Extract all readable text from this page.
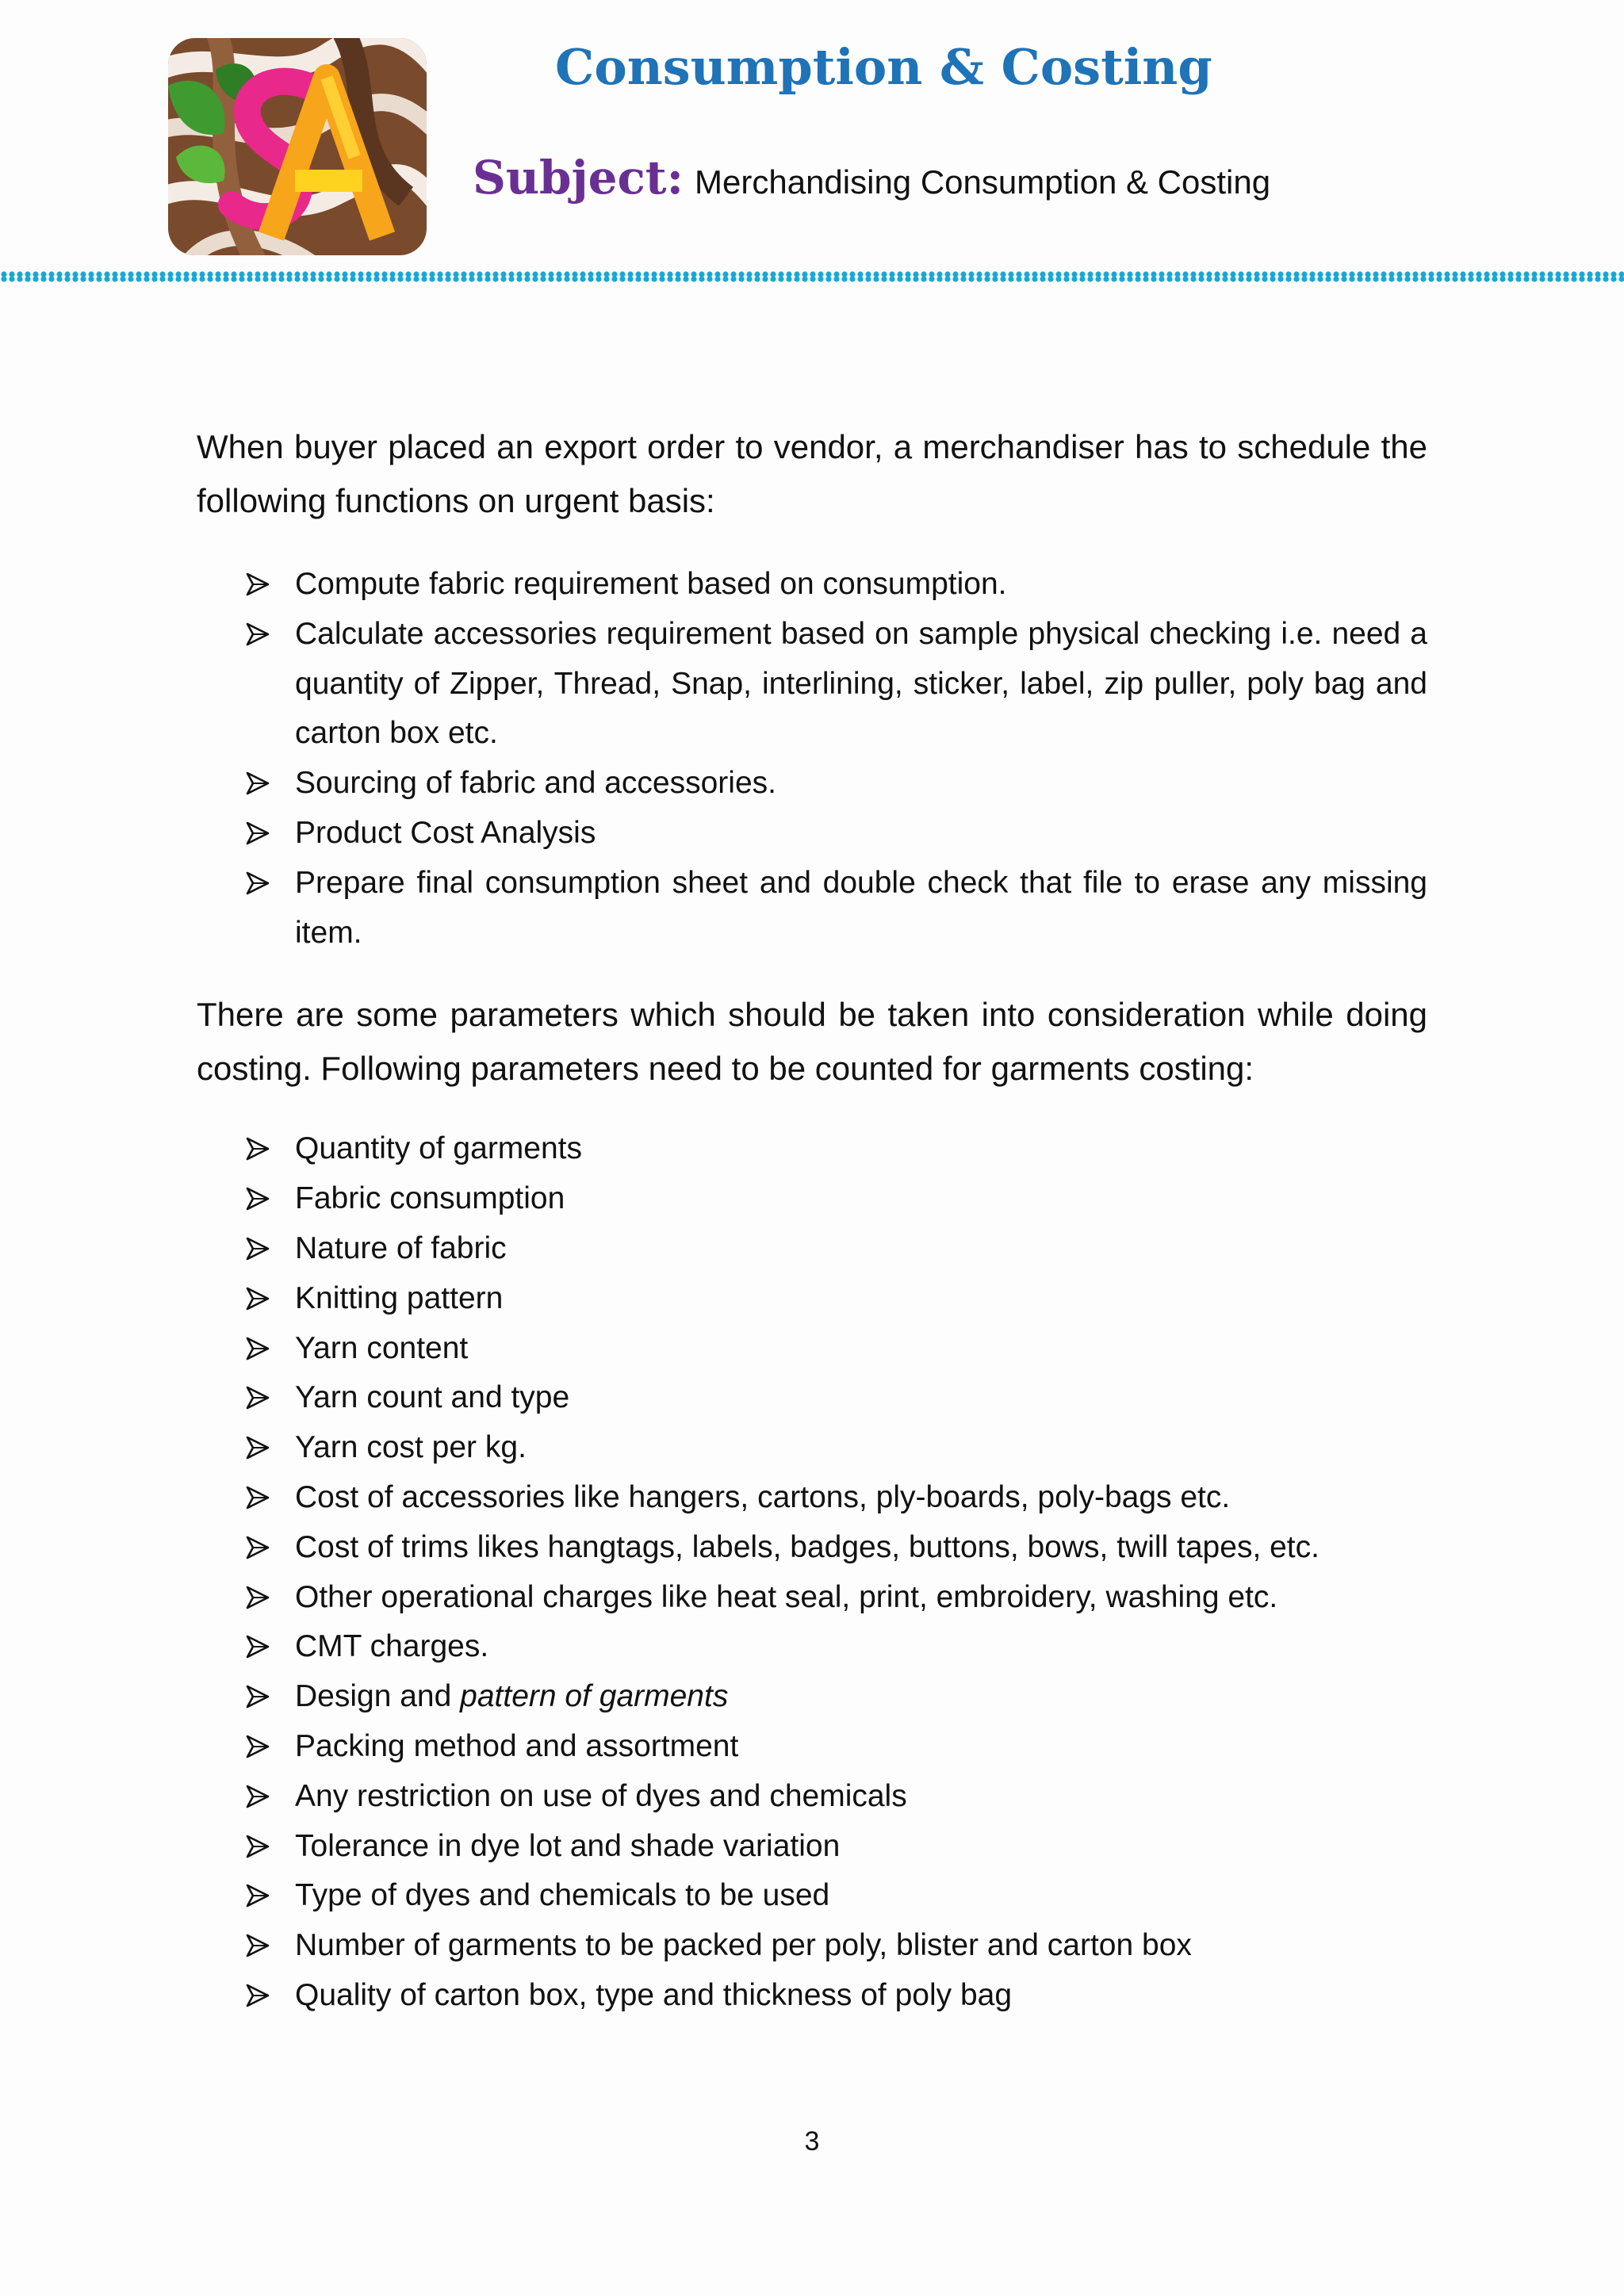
Consumption & Costing
Subject: Merchandising Consumption & Costing

When buyer placed an export order to vendor, a merchandiser has to schedule the following functions on urgent basis:

Compute fabric requirement based on consumption.
Calculate accessories requirement based on sample physical checking i.e. need a quantity of Zipper, Thread, Snap, interlining, sticker, label, zip puller, poly bag and carton box etc.
Sourcing of fabric and accessories.
Product Cost Analysis
Prepare final consumption sheet and double check that file to erase any missing item.

There are some parameters which should be taken into consideration while doing costing. Following parameters need to be counted for garments costing:

Quantity of garments
Fabric consumption
Nature of fabric
Knitting pattern
Yarn content
Yarn count and type
Yarn cost per kg.
Cost of accessories like hangers, cartons, ply-boards, poly-bags etc.
Cost of trims likes hangtags, labels, badges, buttons, bows, twill tapes, etc.
Other operational charges like heat seal, print, embroidery, washing etc.
CMT charges.
Design and pattern of garments
Packing method and assortment
Any restriction on use of dyes and chemicals
Tolerance in dye lot and shade variation
Type of dyes and chemicals to be used
Number of garments to be packed per poly, blister and carton box
Quality of carton box, type and thickness of poly bag
3
